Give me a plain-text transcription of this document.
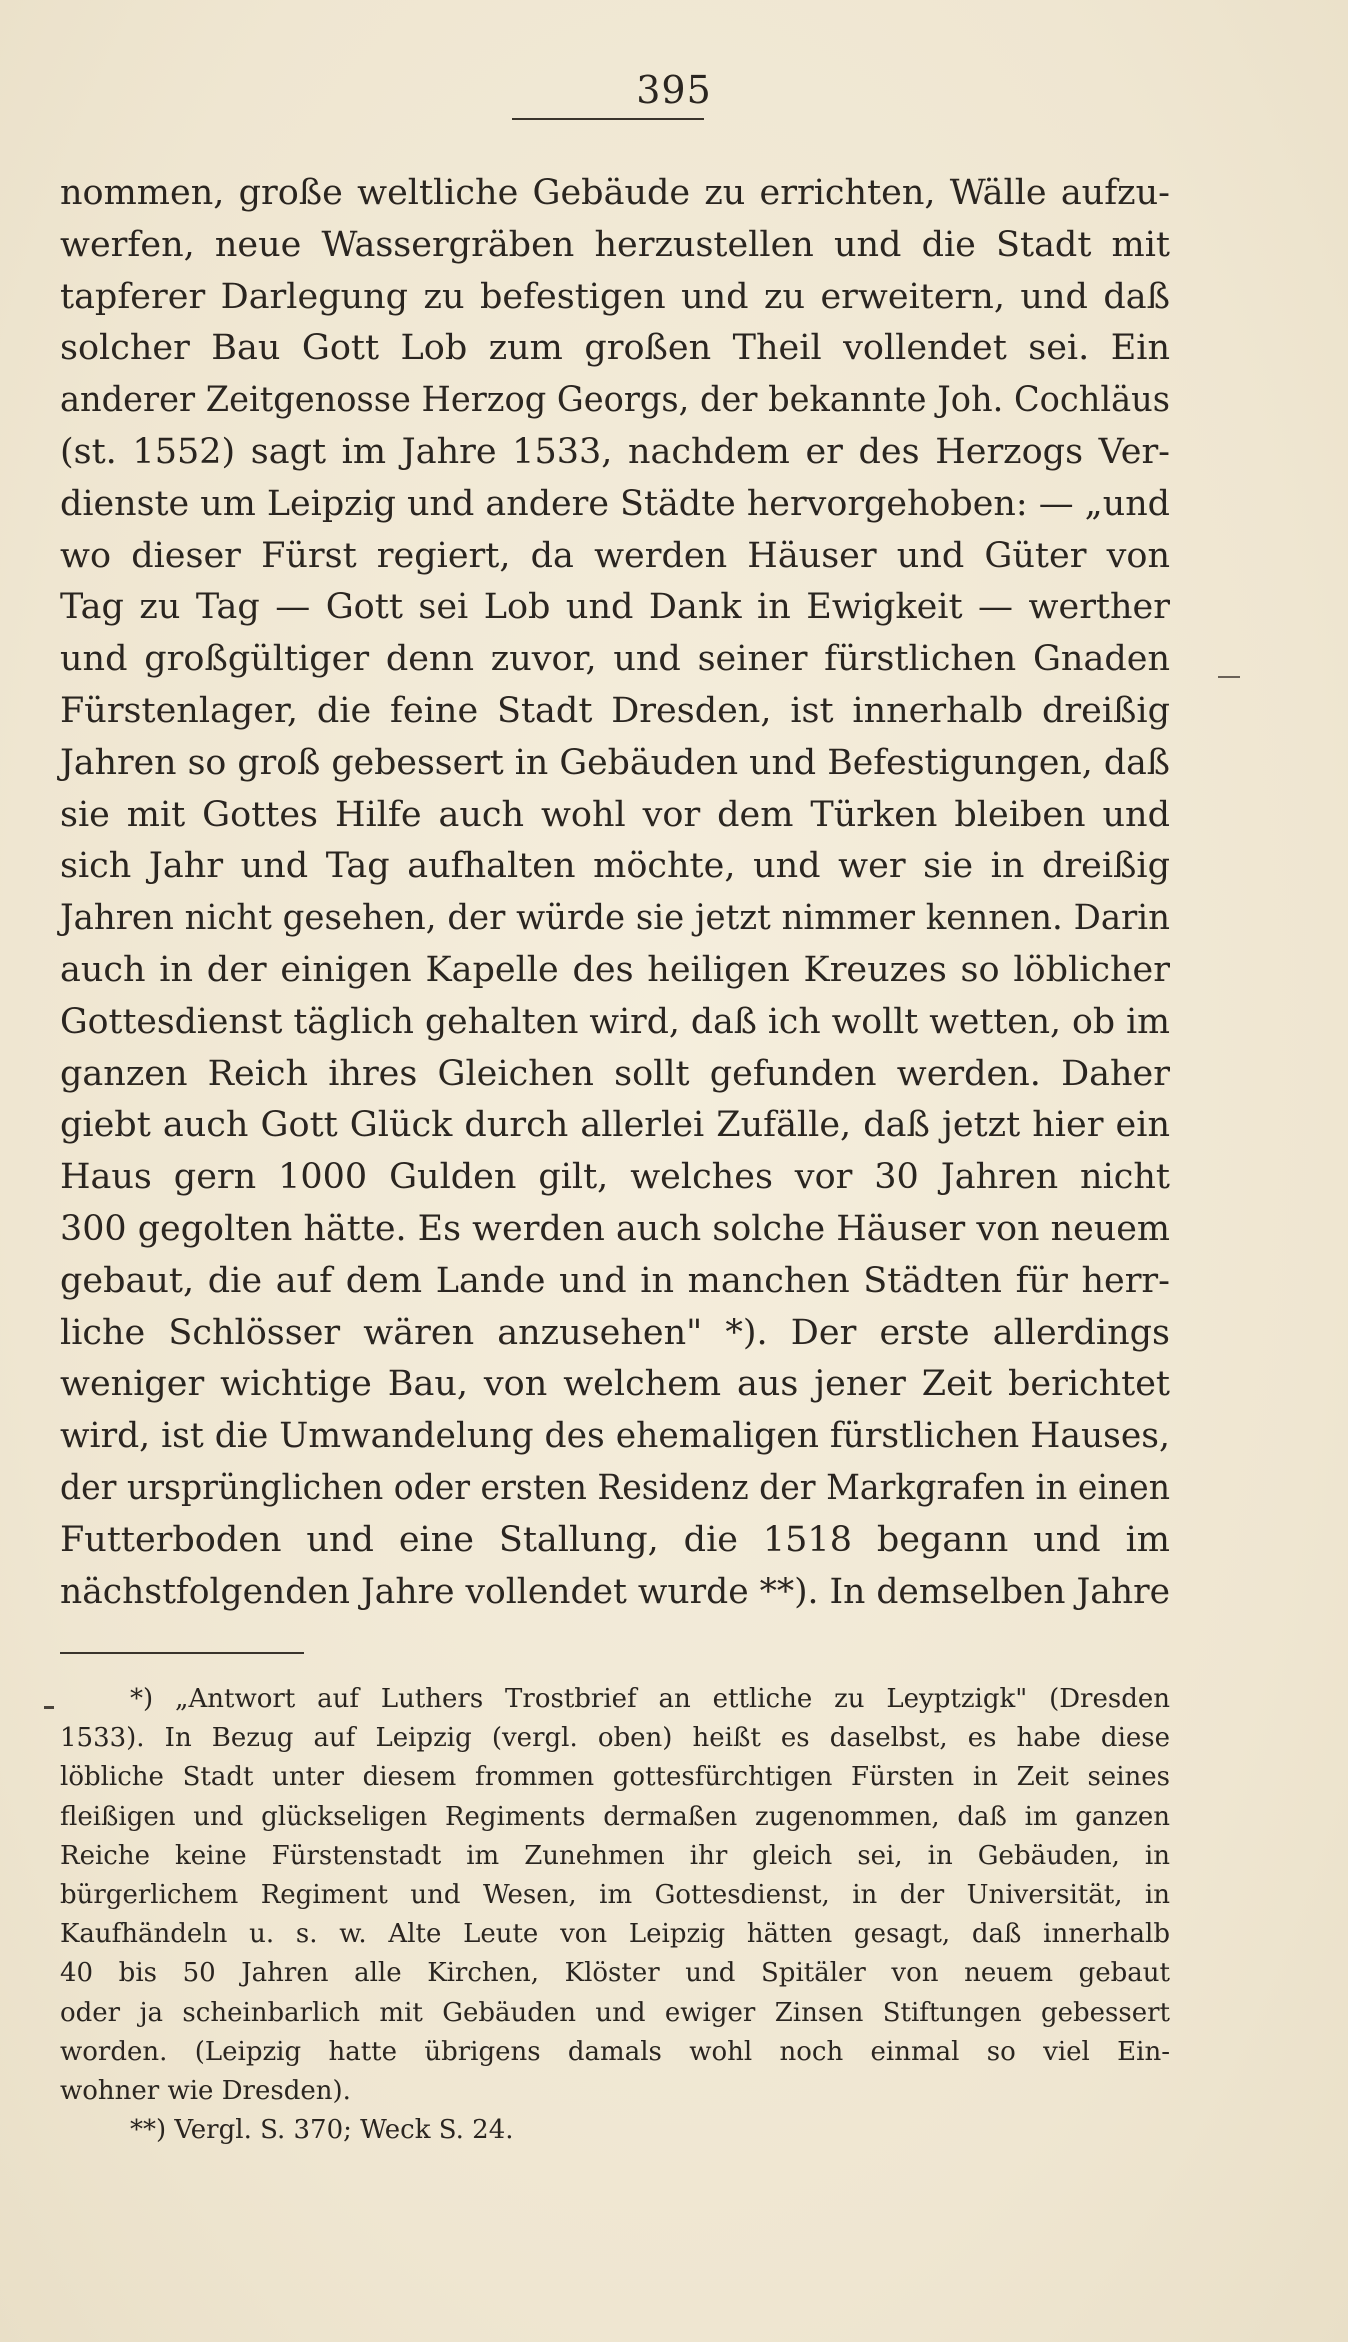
395
nommen, große weltliche Gebäude zu errichten, Wälle aufzu-
werfen, neue Wassergräben herzustellen und die Stadt mit
tapferer Darlegung zu befestigen und zu erweitern, und daß
solcher Bau Gott Lob zum großen Theil vollendet sei. Ein
anderer Zeitgenosse Herzog Georgs, der bekannte Joh. Cochläus
(st. 1552) sagt im Jahre 1533, nachdem er des Herzogs Ver-
dienste um Leipzig und andere Städte hervorgehoben: — „und
wo dieser Fürst regiert, da werden Häuser und Güter von
Tag zu Tag — Gott sei Lob und Dank in Ewigkeit — werther
und großgültiger denn zuvor, und seiner fürstlichen Gnaden
Fürstenlager, die feine Stadt Dresden, ist innerhalb dreißig
Jahren so groß gebessert in Gebäuden und Befestigungen, daß
sie mit Gottes Hilfe auch wohl vor dem Türken bleiben und
sich Jahr und Tag aufhalten möchte, und wer sie in dreißig
Jahren nicht gesehen, der würde sie jetzt nimmer kennen. Darin
auch in der einigen Kapelle des heiligen Kreuzes so löblicher
Gottesdienst täglich gehalten wird, daß ich wollt wetten, ob im
ganzen Reich ihres Gleichen sollt gefunden werden. Daher
giebt auch Gott Glück durch allerlei Zufälle, daß jetzt hier ein
Haus gern 1000 Gulden gilt, welches vor 30 Jahren nicht
300 gegolten hätte. Es werden auch solche Häuser von neuem
gebaut, die auf dem Lande und in manchen Städten für herr-
liche Schlösser wären anzusehen" *). Der erste allerdings
weniger wichtige Bau, von welchem aus jener Zeit berichtet
wird, ist die Umwandelung des ehemaligen fürstlichen Hauses,
der ursprünglichen oder ersten Residenz der Markgrafen in einen
Futterboden und eine Stallung, die 1518 begann und im
nächstfolgenden Jahre vollendet wurde **). In demselben Jahre
*) „Antwort auf Luthers Trostbrief an ettliche zu Leyptzigk" (Dresden
1533). In Bezug auf Leipzig (vergl. oben) heißt es daselbst, es habe diese
löbliche Stadt unter diesem frommen gottesfürchtigen Fürsten in Zeit seines
fleißigen und glückseligen Regiments dermaßen zugenommen, daß im ganzen
Reiche keine Fürstenstadt im Zunehmen ihr gleich sei, in Gebäuden, in
bürgerlichem Regiment und Wesen, im Gottesdienst, in der Universität, in
Kaufhändeln u. s. w. Alte Leute von Leipzig hätten gesagt, daß innerhalb
40 bis 50 Jahren alle Kirchen, Klöster und Spitäler von neuem gebaut
oder ja scheinbarlich mit Gebäuden und ewiger Zinsen Stiftungen gebessert
worden. (Leipzig hatte übrigens damals wohl noch einmal so viel Ein-
wohner wie Dresden).
**) Vergl. S. 370; Weck S. 24.
